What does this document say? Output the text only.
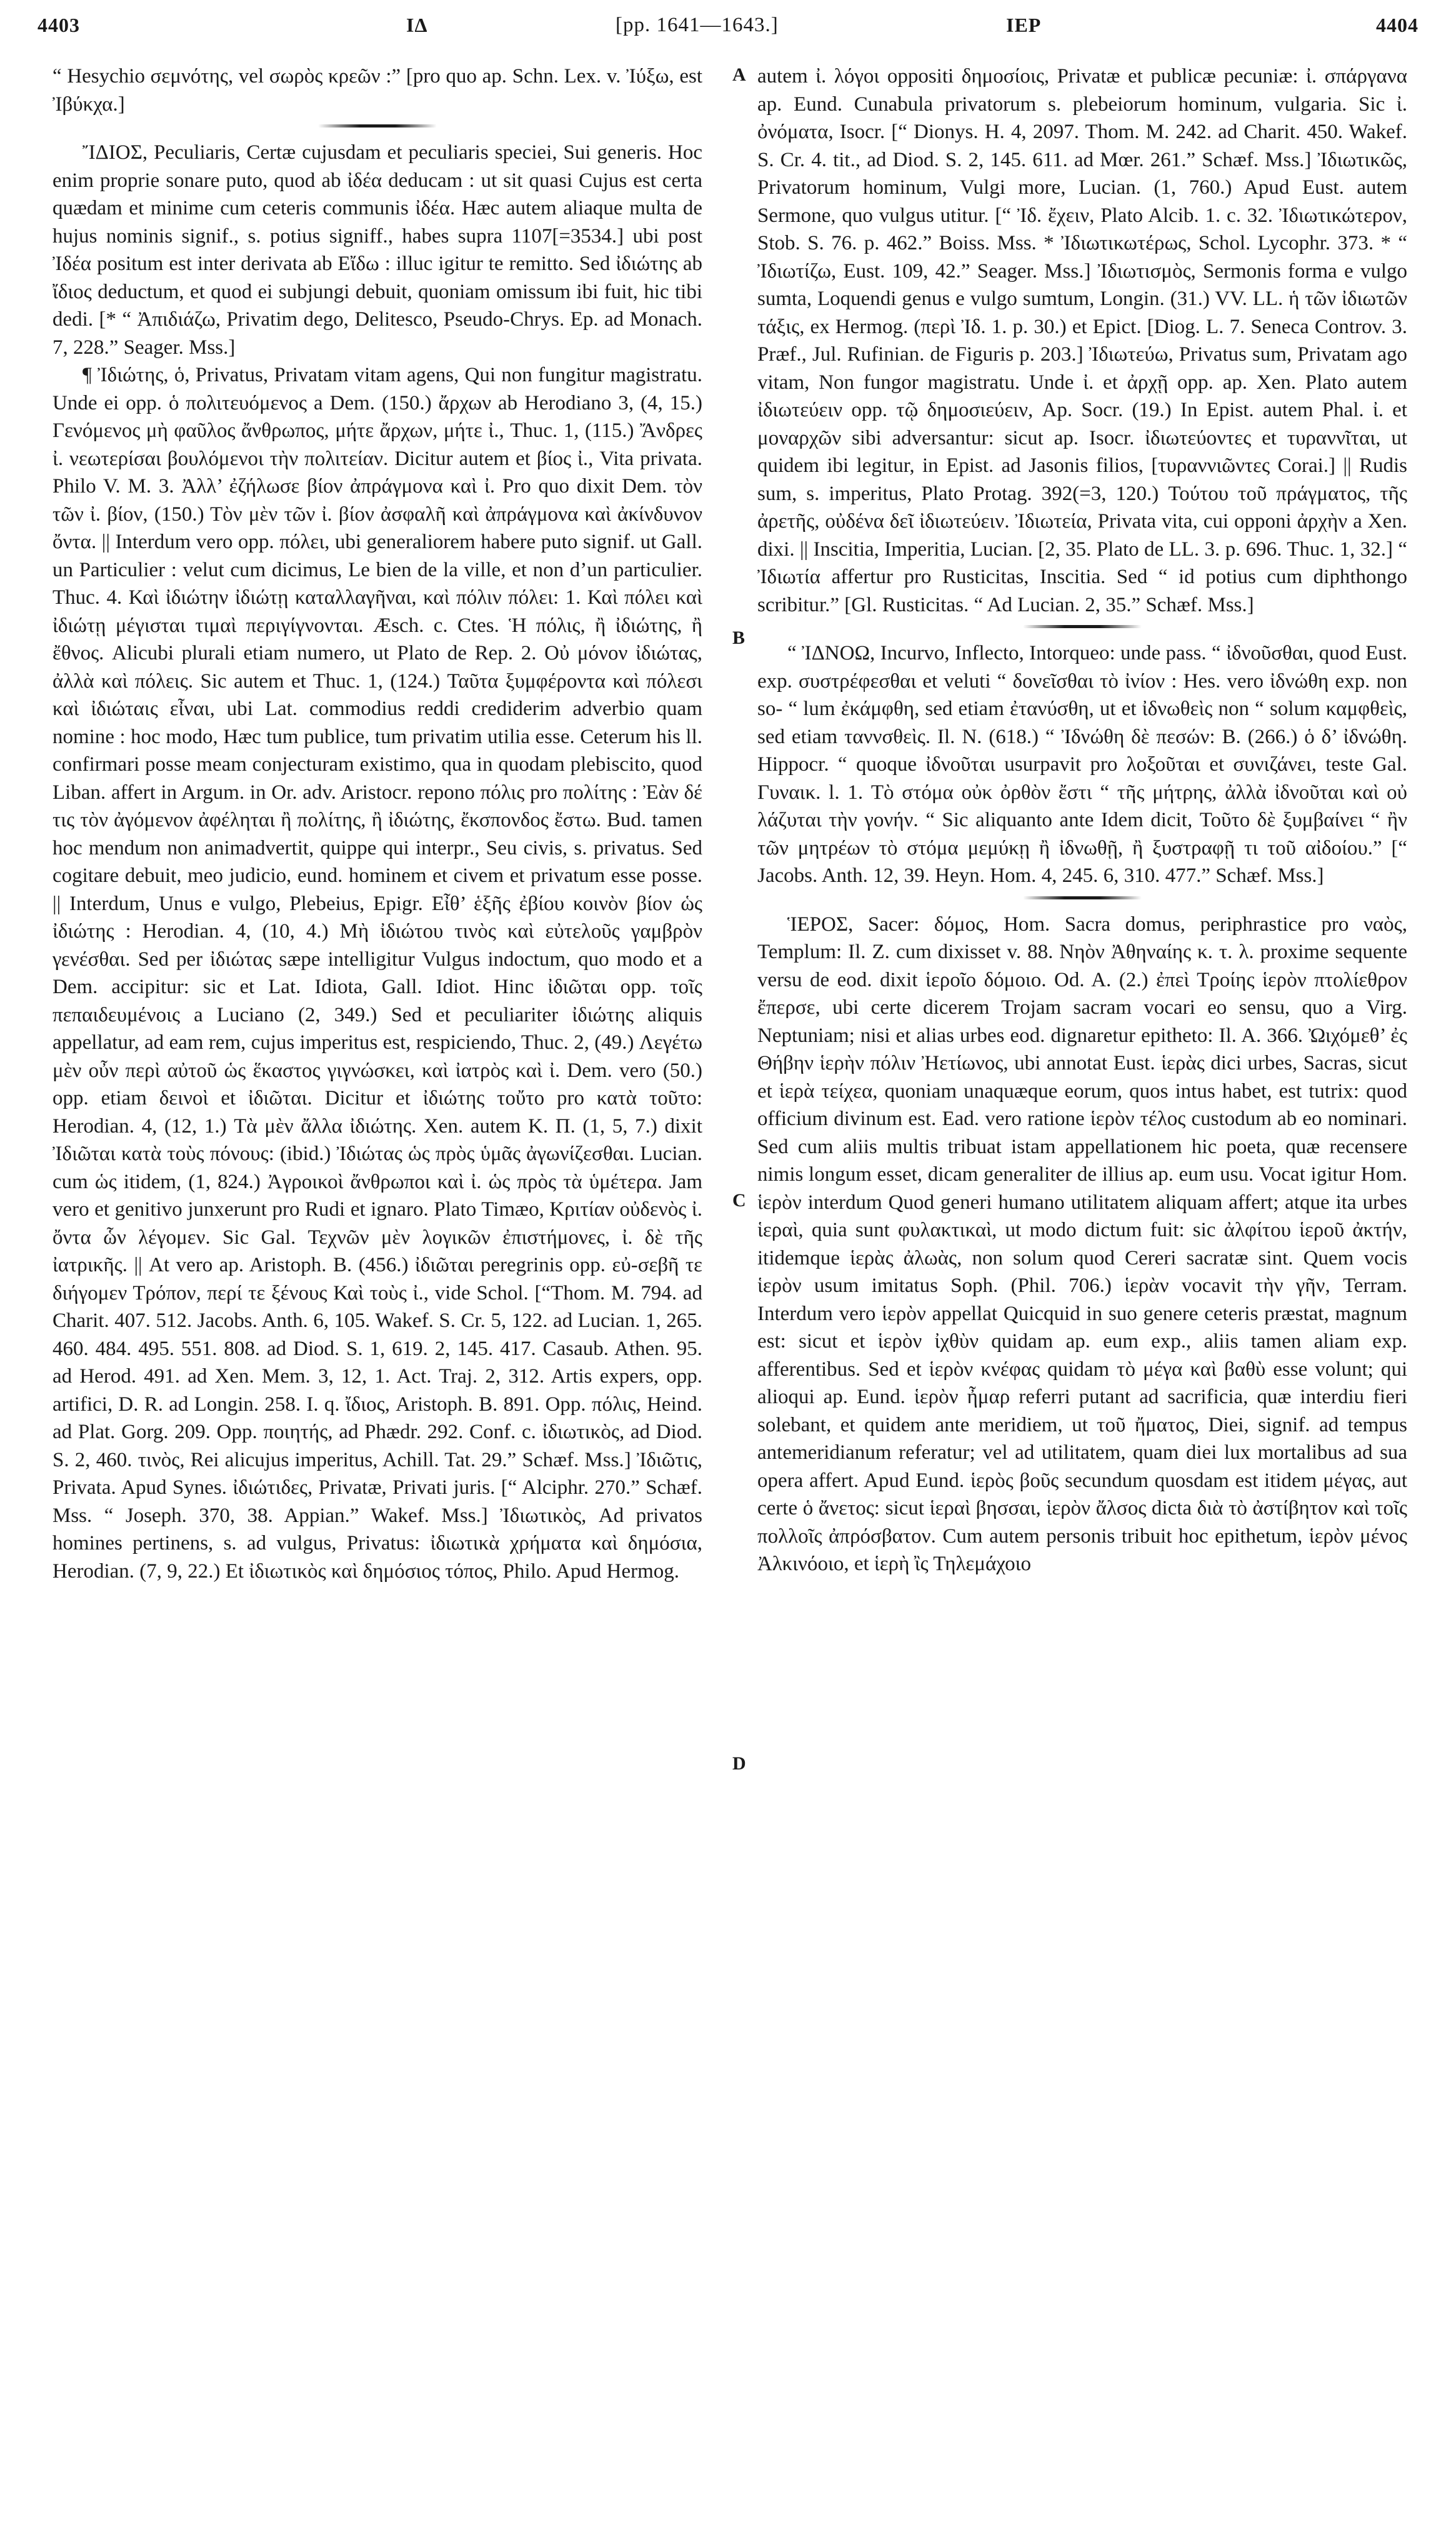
4403	ΙΔ	[pp. 1641—1643.]	ΙΕΡ	4404
A
B
C
D

“ Hesychio σεμνότης, vel σωρὸς κρεῶν :” [pro quo ap. Schn. Lex. v. Ἰύξω, est Ἰβύκχα.]

ἼΔΙΟΣ, Peculiaris, Certæ cujusdam et peculiaris speciei, Sui generis. Hoc enim proprie sonare puto, quod ab ἰδέα deducam : ut sit quasi Cujus est certa quædam et minime cum ceteris communis ἰδέα. Hæc autem aliaque multa de hujus nominis signif., s. potius signiff., habes supra 1107[=3534.] ubi post Ἰδέα positum est inter derivata ab Εἴδω : illuc igitur te remitto. Sed ἰδιώτης ab ἴδιος deductum, et quod ei subjungi debuit, quoniam omissum ibi fuit, hic tibi dedi. [* “ Ἀπιδιάζω, Privatim dego, Delitesco, Pseudo-Chrys. Ep. ad Monach. 7, 228.” Seager. Mss.]

¶ Ἰδιώτης, ὁ, Privatus, Privatam vitam agens, Qui non fungitur magistratu. Unde ei opp. ὁ πολιτευόμενος a Dem. (150.) ἄρχων ab Herodiano 3, (4, 15.) Γενόμενος μὴ φαῦλος ἄνθρωπος, μήτε ἄρχων, μήτε ἰ., Thuc. 1, (115.) Ἄνδρες ἰ. νεωτερίσαι βουλόμενοι τὴν πολιτείαν. Dicitur autem et βίος ἰ., Vita privata. Philo V. M. 3. Ἀλλ’ ἐζήλωσε βίον ἀπράγμονα καὶ ἰ. Pro quo dixit Dem. τὸν τῶν ἰ. βίον, (150.) Τὸν μὲν τῶν ἰ. βίον ἀσφαλῆ καὶ ἀπράγμονα καὶ ἀκίνδυνον ὄντα. || Interdum vero opp. πόλει, ubi generaliorem habere puto signif. ut Gall. un Particulier : velut cum dicimus, Le bien de la ville, et non d’un particulier. Thuc. 4. Καὶ ἰδιώτην ἰδιώτῃ καταλλαγῆναι, καὶ πόλιν πόλει: 1. Καὶ πόλει καὶ ἰδιώτῃ μέγισται τιμαὶ περιγίγνονται. Æsch. c. Ctes. Ἡ πόλις, ἢ ἰδιώτης, ἢ ἔθνος. Alicubi plurali etiam numero, ut Plato de Rep. 2. Οὐ μόνον ἰδιώτας, ἀλλὰ καὶ πόλεις. Sic autem et Thuc. 1, (124.) Ταῦτα ξυμφέροντα καὶ πόλεσι καὶ ἰδιώταις εἶναι, ubi Lat. commodius reddi crediderim adverbio quam nomine : hoc modo, Hæc tum publice, tum privatim utilia esse. Ceterum his ll. confirmari posse meam conjecturam existimo, qua in quodam plebiscito, quod Liban. affert in Argum. in Or. adv. Aristocr. repono πόλις pro πολίτης : Ἐὰν δέ τις τὸν ἀγόμενον ἀφέληται ἢ πολίτης, ἢ ἰδιώτης, ἔκσπονδος ἔστω. Bud. tamen hoc mendum non animadvertit, quippe qui interpr., Seu civis, s. privatus. Sed cogitare debuit, meo judicio, eund. hominem et civem et privatum esse posse. || Interdum, Unus e vulgo, Plebeius, Epigr. Εἶθ’ ἑξῆς ἐβίου κοινὸν βίον ὡς ἰδιώτης : Herodian. 4, (10, 4.) Μὴ ἰδιώτου τινὸς καὶ εὐτελοῦς γαμβρὸν γενέσθαι. Sed per ἰδιώτας sæpe intelligitur Vulgus indoctum, quo modo et a Dem. accipitur: sic et Lat. Idiota, Gall. Idiot. Hinc ἰδιῶται opp. τοῖς πεπαιδευμένοις a Luciano (2, 349.) Sed et peculiariter ἰδιώτης aliquis appellatur, ad eam rem, cujus imperitus est, respiciendo, Thuc. 2, (49.) Λεγέτω μὲν οὖν περὶ αὐτοῦ ὡς ἕκαστος γιγνώσκει, καὶ ἰατρὸς καὶ ἰ. Dem. vero (50.) opp. etiam δεινοὶ et ἰδιῶται. Dicitur et ἰδιώτης τοὔτο pro κατὰ τοῦτο: Herodian. 4, (12, 1.) Τὰ μὲν ἄλλα ἰδιώτης. Xen. autem K. Π. (1, 5, 7.) dixit Ἰδιῶται κατὰ τοὺς πόνους: (ibid.) Ἰδιώτας ὡς πρὸς ὑμᾶς ἀγωνίζεσθαι. Lucian. cum ὡς itidem, (1, 824.) Ἀγροικοὶ ἄνθρωποι καὶ ἰ. ὡς πρὸς τὰ ὑμέτερα. Jam vero et genitivo junxerunt pro Rudi et ignaro. Plato Timæo, Κριτίαν οὐδενὸς ἰ. ὄντα ὧν λέγομεν. Sic Gal. Τεχνῶν μὲν λογικῶν ἐπιστήμονες, ἰ. δὲ τῆς ἰατρικῆς. || At vero ap. Aristoph. B. (456.) ἰδιῶται peregrinis opp. εὐ-σεβῆ τε διήγομεν Τρόπον, περί τε ξένους Καὶ τοὺς ἰ., vide Schol. [“Thom. M. 794. ad Charit. 407. 512. Jacobs. Anth. 6, 105. Wakef. S. Cr. 5, 122. ad Lucian. 1, 265. 460. 484. 495. 551. 808. ad Diod. S. 1, 619. 2, 145. 417. Casaub. Athen. 95. ad Herod. 491. ad Xen. Mem. 3, 12, 1. Act. Traj. 2, 312. Artis expers, opp. artifici, D. R. ad Longin. 258. I. q. ἴδιος, Aristoph. B. 891. Opp. πόλις, Heind. ad Plat. Gorg. 209. Opp. ποιητής, ad Phædr. 292. Conf. c. ἰδιωτικὸς, ad Diod. S. 2, 460. τινὸς, Rei alicujus imperitus, Achill. Tat. 29.” Schæf. Mss.] Ἰδιῶτις, Privata. Apud Synes. ἰδιώτιδες, Privatæ, Privati juris. [“ Alciphr. 270.” Schæf. Mss. “ Joseph. 370, 38. Appian.” Wakef. Mss.] Ἰδιωτικὸς, Ad privatos homines pertinens, s. ad vulgus, Privatus: ἰδιωτικὰ χρήματα καὶ δημόσια, Herodian. (7, 9, 22.) Et ἰδιωτικὸς καὶ δημόσιος τόπος, Philo. Apud Hermog.

autem ἰ. λόγοι oppositi δημοσίοις, Privatæ et publicæ pecuniæ: ἰ. σπάργανα ap. Eund. Cunabula privatorum s. plebeiorum hominum, vulgaria. Sic ἰ. ὀνόματα, Isocr. [“ Dionys. H. 4, 2097. Thom. M. 242. ad Charit. 450. Wakef. S. Cr. 4. tit., ad Diod. S. 2, 145. 611. ad Mœr. 261.” Schæf. Mss.] Ἰδιωτικῶς, Privatorum hominum, Vulgi more, Lucian. (1, 760.) Apud Eust. autem Sermone, quo vulgus utitur. [“ Ἰδ. ἔχειν, Plato Alcib. 1. c. 32. Ἰδιωτικώτερον, Stob. S. 76. p. 462.” Boiss. Mss. * Ἰδιωτικωτέρως, Schol. Lycophr. 373. * “ Ἰδιωτίζω, Eust. 109, 42.” Seager. Mss.] Ἰδιωτισμὸς, Sermonis forma e vulgo sumta, Loquendi genus e vulgo sumtum, Longin. (31.) VV. LL. ἡ τῶν ἰδιωτῶν τάξις, ex Hermog. (περὶ Ἰδ. 1. p. 30.) et Epict. [Diog. L. 7. Seneca Controv. 3. Præf., Jul. Rufinian. de Figuris p. 203.] Ἰδιωτεύω, Privatus sum, Privatam ago vitam, Non fungor magistratu. Unde ἰ. et ἀρχῇ opp. ap. Xen. Plato autem ἰδιωτεύειν opp. τῷ δημοσιεύειν, Ap. Socr. (19.) In Epist. autem Phal. ἰ. et μοναρχῶν sibi adversantur: sicut ap. Isocr. ἰδιωτεύοντες et τυραννῖται, ut quidem ibi legitur, in Epist. ad Jasonis filios, [τυραννιῶντες Corai.] || Rudis sum, s. imperitus, Plato Protag. 392(=3, 120.) Τούτου τοῦ πράγματος, τῆς ἀρετῆς, οὐδένα δεῖ ἰδιωτεύειν. Ἰδιωτεία, Privata vita, cui opponi ἀρχὴν a Xen. dixi. || Inscitia, Imperitia, Lucian. [2, 35. Plato de LL. 3. p. 696. Thuc. 1, 32.] “ Ἰδιωτία affertur pro Rusticitas, Inscitia. Sed “ id potius cum diphthongo scribitur.” [Gl. Rusticitas. “ Ad Lucian. 2, 35.” Schæf. Mss.]

“ ἸΔΝΟΩ, Incurvo, Inflecto, Intorqueo: unde pass. “ ἰδνοῦσθαι, quod Eust. exp. συστρέφεσθαι et veluti “ δονεῖσθαι τὸ ἰνίον : Hes. vero ἰδνώθη exp. non so- “ lum ἐκάμφθη, sed etiam ἐτανύσθη, ut et ἰδνωθεὶς non “ solum καμφθεὶς, sed etiam ταννσθεὶς. Il. N. (618.) “ Ἰδνώθη δὲ πεσών: B. (266.) ὁ δ’ ἰδνώθη. Hippocr. “ quoque ἰδνοῦται usurpavit pro λοξοῦται et συνιζάνει, teste Gal. Γυναικ. l. 1. Τὸ στόμα οὐκ ὀρθὸν ἔστι “ τῆς μήτρης, ἀλλὰ ἰδνοῦται καὶ οὐ λάζυται τὴν γονήν. “ Sic aliquanto ante Idem dicit, Τοῦτο δὲ ξυμβαίνει “ ἢν τῶν μητρέων τὸ στόμα μεμύκῃ ἢ ἰδνωθῇ, ἢ ξυστραφῇ τι τοῦ αἰδοίου.” [“ Jacobs. Anth. 12, 39. Heyn. Hom. 4, 245. 6, 310. 477.” Schæf. Mss.]

ἹΕΡΟΣ, Sacer: δόμος, Hom. Sacra domus, periphrastice pro ναὸς, Templum: Il. Z. cum dixisset v. 88. Νηὸν Ἀθηναίης κ. τ. λ. proxime sequente versu de eod. dixit ἱεροῖο δόμοιο. Od. A. (2.) ἐπεὶ Τροίης ἱερὸν πτολίεθρον ἔπερσε, ubi certe dicerem Trojam sacram vocari eo sensu, quo a Virg. Neptuniam; nisi et alias urbes eod. dignaretur epitheto: Il. A. 366. Ὠιχόμεθ’ ἐς Θήβην ἱερὴν πόλιν Ἠετίωνος, ubi annotat Eust. ἱερὰς dici urbes, Sacras, sicut et ἱερὰ τείχεα, quoniam unaquæque eorum, quos intus habet, est tutrix: quod officium divinum est. Ead. vero ratione ἱερὸν τέλος custodum ab eo nominari. Sed cum aliis multis tribuat istam appellationem hic poeta, quæ recensere nimis longum esset, dicam generaliter de illius ap. eum usu. Vocat igitur Hom. ἱερὸν interdum Quod generi humano utilitatem aliquam affert; atque ita urbes ἱεραὶ, quia sunt φυλακτικαὶ, ut modo dictum fuit: sic ἀλφίτου ἱεροῦ ἀκτήν, itidemque ἱερὰς ἀλωὰς, non solum quod Cereri sacratæ sint. Quem vocis ἱερὸν usum imitatus Soph. (Phil. 706.) ἱερὰν vocavit τὴν γῆν, Terram. Interdum vero ἱερὸν appellat Quicquid in suo genere ceteris præstat, magnum est: sicut et ἱερὸν ἰχθὺν quidam ap. eum exp., aliis tamen aliam exp. afferentibus. Sed et ἱερὸν κνέφας quidam τὸ μέγα καὶ βαθὺ esse volunt; qui alioqui ap. Eund. ἱερὸν ἦμαρ referri putant ad sacrificia, quæ interdiu fieri solebant, et quidem ante meridiem, ut τοῦ ἤματος, Diei, signif. ad tempus antemeridianum referatur; vel ad utilitatem, quam diei lux mortalibus ad sua opera affert. Apud Eund. ἱερὸς βοῦς secundum quosdam est itidem μέγας, aut certe ὁ ἄνετος: sicut ἱεραὶ βησσαι, ἱερὸν ἄλσος dicta διὰ τὸ ἀστίβητον καὶ τοῖς πολλοῖς ἀπρόσβατον. Cum autem personis tribuit hoc epithetum, ἱερὸν μένος Ἀλκινόοιο, et ἱερὴ ἲς Τηλεμάχοιο
